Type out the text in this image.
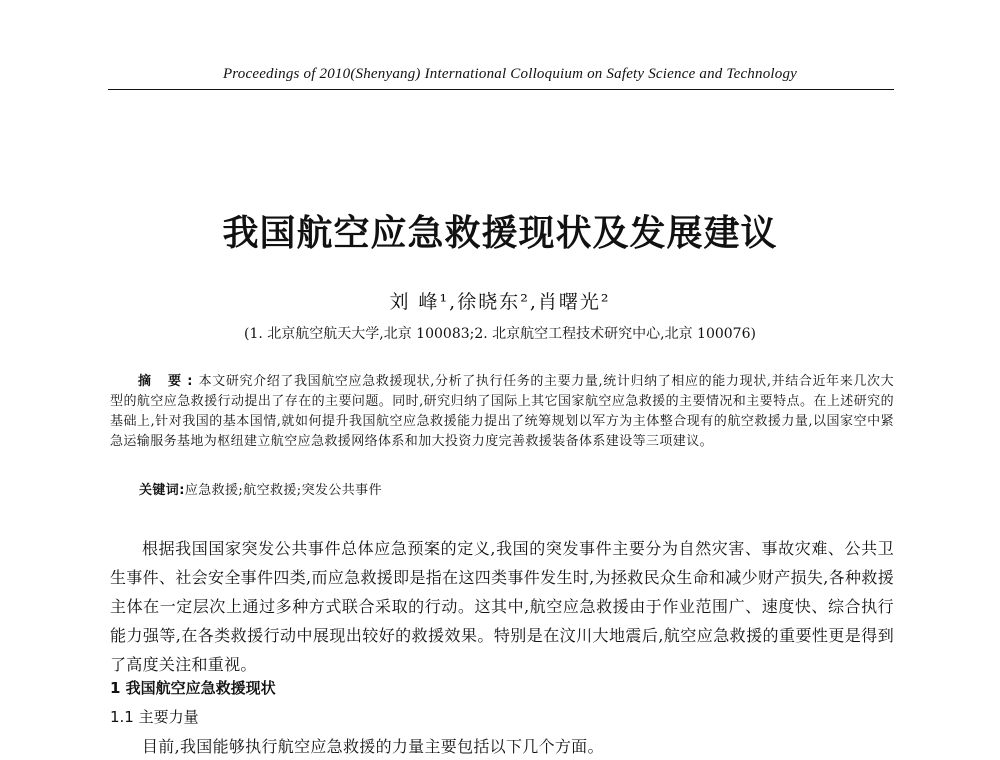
Proceedings of 2010(Shenyang) International Colloquium on Safety Science and Technology
我国航空应急救援现状及发展建议
刘 峰¹,徐晓东²,肖曙光²
(1. 北京航空航天大学,北京 100083;2. 北京航空工程技术研究中心,北京 100076)
摘 要:本文研究介绍了我国航空应急救援现状,分析了执行任务的主要力量,统计归纳了相应的能力现状,并结合近年来几次大型的航空应急救援行动提出了存在的主要问题。同时,研究归纳了国际上其它国家航空应急救援的主要情况和主要特点。在上述研究的基础上,针对我国的基本国情,就如何提升我国航空应急救援能力提出了统筹规划以军方为主体整合现有的航空救援力量,以国家空中紧急运输服务基地为枢纽建立航空应急救援网络体系和加大投资力度完善救援装备体系建设等三项建议。
关键词:应急救援;航空救援;突发公共事件
根据我国国家突发公共事件总体应急预案的定义,我国的突发事件主要分为自然灾害、事故灾难、公共卫生事件、社会安全事件四类,而应急救援即是指在这四类事件发生时,为拯救民众生命和减少财产损失,各种救援主体在一定层次上通过多种方式联合采取的行动。这其中,航空应急救援由于作业范围广、速度快、综合执行能力强等,在各类救援行动中展现出较好的救援效果。特别是在汶川大地震后,航空应急救援的重要性更是得到了高度关注和重视。
1 我国航空应急救援现状
1.1 主要力量
目前,我国能够执行航空应急救援的力量主要包括以下几个方面。
